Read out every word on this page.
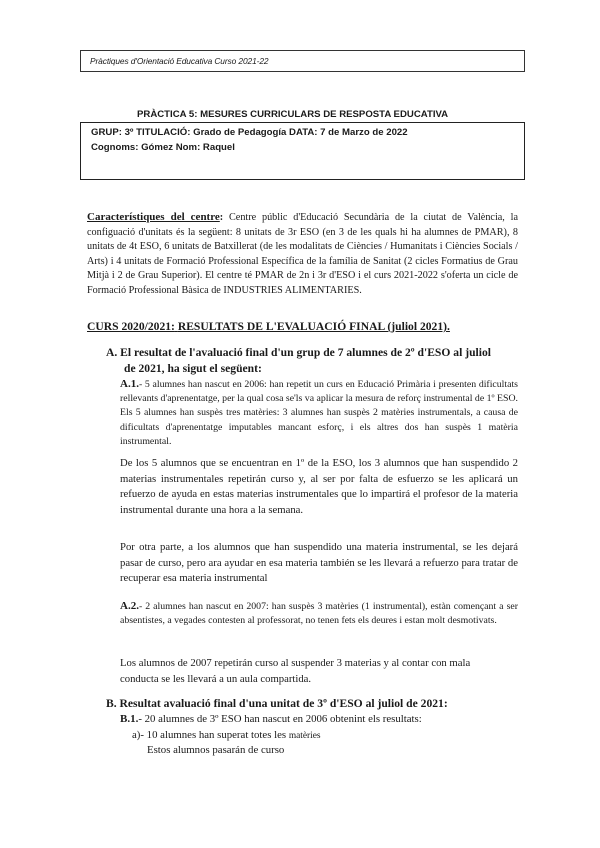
Pràctiques d'Orientació Educativa Curso 2021-22
PRÀCTICA 5: MESURES CURRICULARS DE RESPOSTA EDUCATIVA
GRUP: 3º TITULACIÓ: Grado de Pedagogía DATA: 7 de Marzo de 2022
Cognoms: Gómez Nom: Raquel
Característiques del centre: Centre públic d'Educació Secundària de la ciutat de València, la configuació d'unitats és la següent: 8 unitats de 3r ESO (en 3 de les quals hi ha alumnes de PMAR), 8 unitats de 4t ESO, 6 unitats de Batxillerat (de les modalitats de Ciències / Humanitats i Ciències Socials / Arts) i 4 unitats de Formació Professional Específica de la família de Sanitat (2 cicles Formatius de Grau Mitjà i 2 de Grau Superior). El centre té PMAR de 2n i 3r d'ESO i el curs 2021-2022 s'oferta un cicle de Formació Professional Bàsica de INDUSTRIES ALIMENTARIES.
CURS 2020/2021: RESULTATS DE L'EVALUACIÓ FINAL (juliol 2021).
A. El resultat de l'avaluació final d'un grup de 7 alumnes de 2º d'ESO al juliol
de 2021, ha sigut el següent:
A.1.- 5 alumnes han nascut en 2006: han repetit un curs en Educació Primària i presenten dificultats rellevants d'aprenentatge, per la qual cosa se'ls va aplicar la mesura de reforç instrumental de 1º ESO. Els 5 alumnes han suspès tres matèries: 3 alumnes han suspès 2 matèries instrumentals, a causa de dificultats d'aprenentatge imputables mancant esforç, i els altres dos han suspès 1 matèria instrumental.
De los 5 alumnos que se encuentran en 1º de la ESO, los 3 alumnos que han suspendido 2 materias instrumentales repetirán curso y, al ser por falta de esfuerzo se les aplicará un refuerzo de ayuda en estas materias instrumentales que lo impartirá el profesor de la materia instrumental durante una hora a la semana.
Por otra parte, a los alumnos que han suspendido una materia instrumental, se les dejará pasar de curso, pero ara ayudar en esa materia también se les llevará a refuerzo para tratar de recuperar esa materia instrumental
A.2.- 2 alumnes han nascut en 2007: han suspès 3 matèries (1 instrumental), estàn començant a ser absentistes, a vegades contesten al professorat, no tenen fets els deures i estan molt desmotivats.
Los alumnos de 2007 repetirán curso al suspender 3 materias y al contar con mala conducta se les llevará a un aula compartida.
B. Resultat avaluació final d'una unitat de 3º d'ESO al juliol de 2021:
B.1.- 20 alumnes de 3º ESO han nascut en 2006 obtenint els resultats:
a)- 10 alumnes han superat totes les matèries
Estos alumnos pasarán de curso
